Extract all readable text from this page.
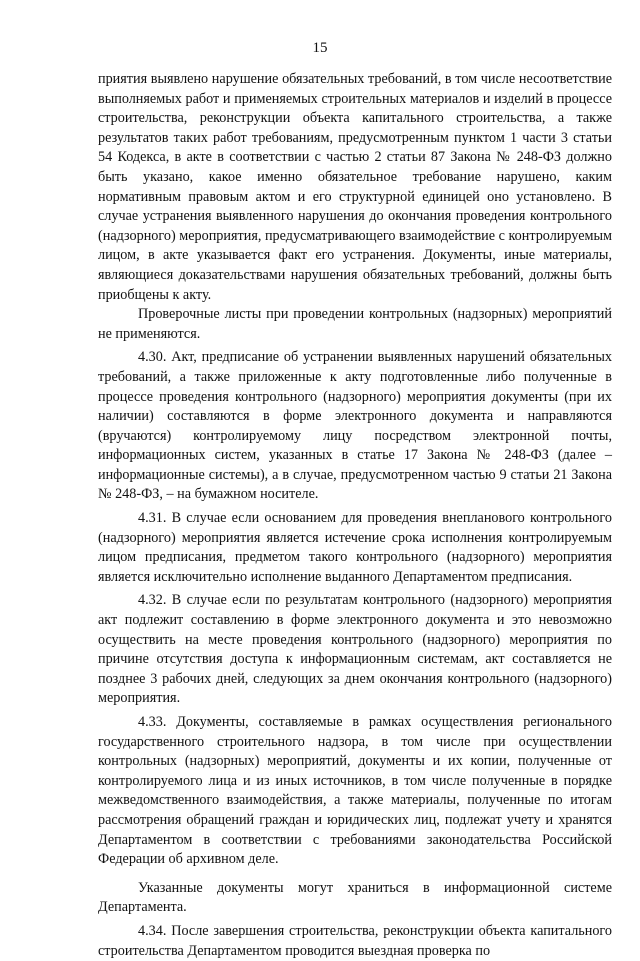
15

приятия выявлено нарушение обязательных требований, в том числе несоответствие выполняемых работ и применяемых строительных материалов и изделий в процессе строительства, реконструкции объекта капитального строительства, а также результатов таких работ требованиям, предусмотренным пунктом 1 части 3 статьи 54 Кодекса, в акте в соответствии с частью 2 статьи 87 Закона № 248-ФЗ должно быть указано, какое именно обязательное требование нарушено, каким нормативным правовым актом и его структурной единицей оно установлено. В случае устранения выявленного нарушения до окончания проведения контрольного (надзорного) мероприятия, предусматривающего взаимодействие с контролируемым лицом, в акте указывается факт его устранения. Документы, иные материалы, являющиеся доказательствами нарушения обязательных требований, должны быть приобщены к акту.

Проверочные листы при проведении контрольных (надзорных) мероприятий не применяются.

4.30. Акт, предписание об устранении выявленных нарушений обязательных требований, а также приложенные к акту подготовленные либо полученные в процессе проведения контрольного (надзорного) мероприятия документы (при их наличии) составляются в форме электронного документа и направляются (вручаются) контролируемому лицу посредством электронной почты, информационных систем, указанных в статье 17 Закона № 248-ФЗ (далее – информационные системы), а в случае, предусмотренном частью 9 статьи 21 Закона № 248-ФЗ, – на бумажном носителе.

4.31. В случае если основанием для проведения внепланового контрольного (надзорного) мероприятия является истечение срока исполнения контролируемым лицом предписания, предметом такого контрольного (надзорного) мероприятия является исключительно исполнение выданного Департаментом предписания.

4.32. В случае если по результатам контрольного (надзорного) мероприятия акт подлежит составлению в форме электронного документа и это невозможно осуществить на месте проведения контрольного (надзорного) мероприятия по причине отсутствия доступа к информационным системам, акт составляется не позднее 3 рабочих дней, следующих за днем окончания контрольного (надзорного) мероприятия.

4.33. Документы, составляемые в рамках осуществления регионального государственного строительного надзора, в том числе при осуществлении контрольных (надзорных) мероприятий, документы и их копии, полученные от контролируемого лица и из иных источников, в том числе полученные в порядке межведомственного взаимодействия, а также материалы, полученные по итогам рассмотрения обращений граждан и юридических лиц, подлежат учету и хранятся Департаментом в соответствии с требованиями законодательства Российской Федерации об архивном деле.

Указанные документы могут храниться в информационной системе Департамента.

4.34. После завершения строительства, реконструкции объекта капитального строительства Департаментом проводится выездная проверка по
